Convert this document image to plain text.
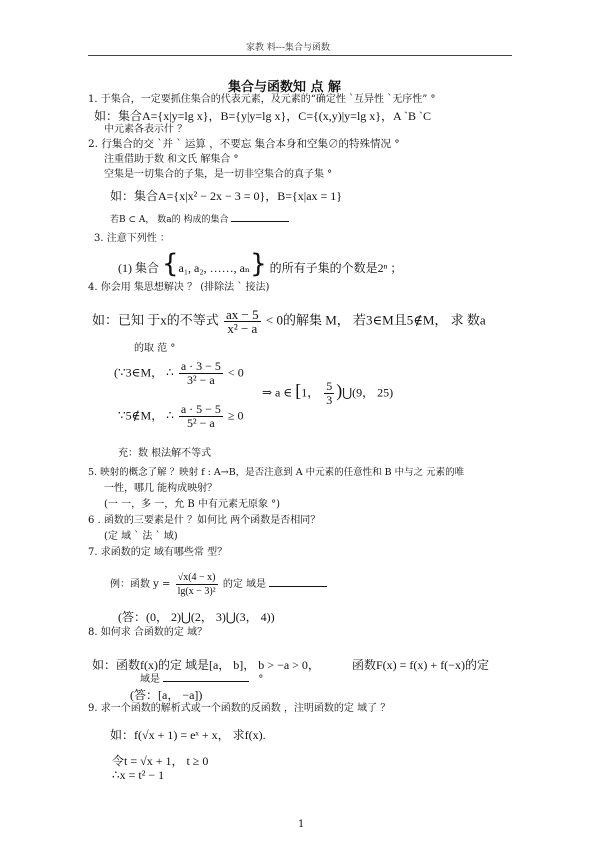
家教 料---集合与函数
集合与函数知 点 解
1. 于集合，一定要抓住集合的代表元素，及元素的“确定性 `互异性 `无序性” °
如：集合A={x|y=lg x}，B={y|y=lg x}，C={(x,y)|y=lg x}，A `B `C
中元素各表示什 ？
2. 行集合的交 `并 ` 运算 ，不要忘 集合本身和空集∅的特殊情况 °
注重借助于数 和文氏 解集合 °
空集是一切集合的子集，是一切非空集合的真子集 °
如：集合A={x|x² − 2x − 3 = 0}，B={x|ax = 1}
若B ⊂ A， 数a的 构成的集合
3. 注意下列性 ：
(1) 集合 {a₁, a₂, ……, aₙ} 的所有子集的个数是2ⁿ ；
4. 你会用 集思想解决 ？ (排除法 ` 接法)
如：已知 于x的不等式 $\frac{ax - 5}{\text{x² − a}} < 0$的解集 M， 若3∈M且5∉M， 求 数a
的取 范 °
(∵3∈M， ∴ $\frac{a \cdot 3 - 5}{\text{3² − a}} < 0$
⇒ a ∈ [1， $\frac{5}{3}$ )⋃(9， 25)
∵5∉M， ∴ $\frac{a \cdot 5 - 5}{\text{5² − a}} \ge 0$
充：数 根法解不等式
5. 映射的概念了解 ？映射 f : A→B，是否注意到 A 中元素的任意性和 B 中与之 元素的唯
一性，哪几 能构成映射？
(一 一，多 一，允 B 中有元素无原象 °)
6 . 函数的三要素是什 ？如何比 两个函数是否相同？
(定 域 ` 法 ` 域)
7. 求函数的定 域有哪些常 型？
例：函数 $y = \frac{√x(4 - x)}{\text{lg(x − 3)²}}$ 的定 域是
(答：(0， 2)⋃(2， 3)⋃(3， 4))
8. 如何求 合函数的定 域？
如：函数f(x)的定 域是[a， b]， b > −a > 0，	函数F(x) = f(x) + f(−x)的定
域是	°
(答：[a， −a])
9. 求一个函数的解析式或一个函数的反函数 ，注明函数的定 域了 ？
如：f(√x + 1) = eˣ + x， 求f(x).
令t = √x + 1， t ≥ 0
∴x = t² − 1
1
